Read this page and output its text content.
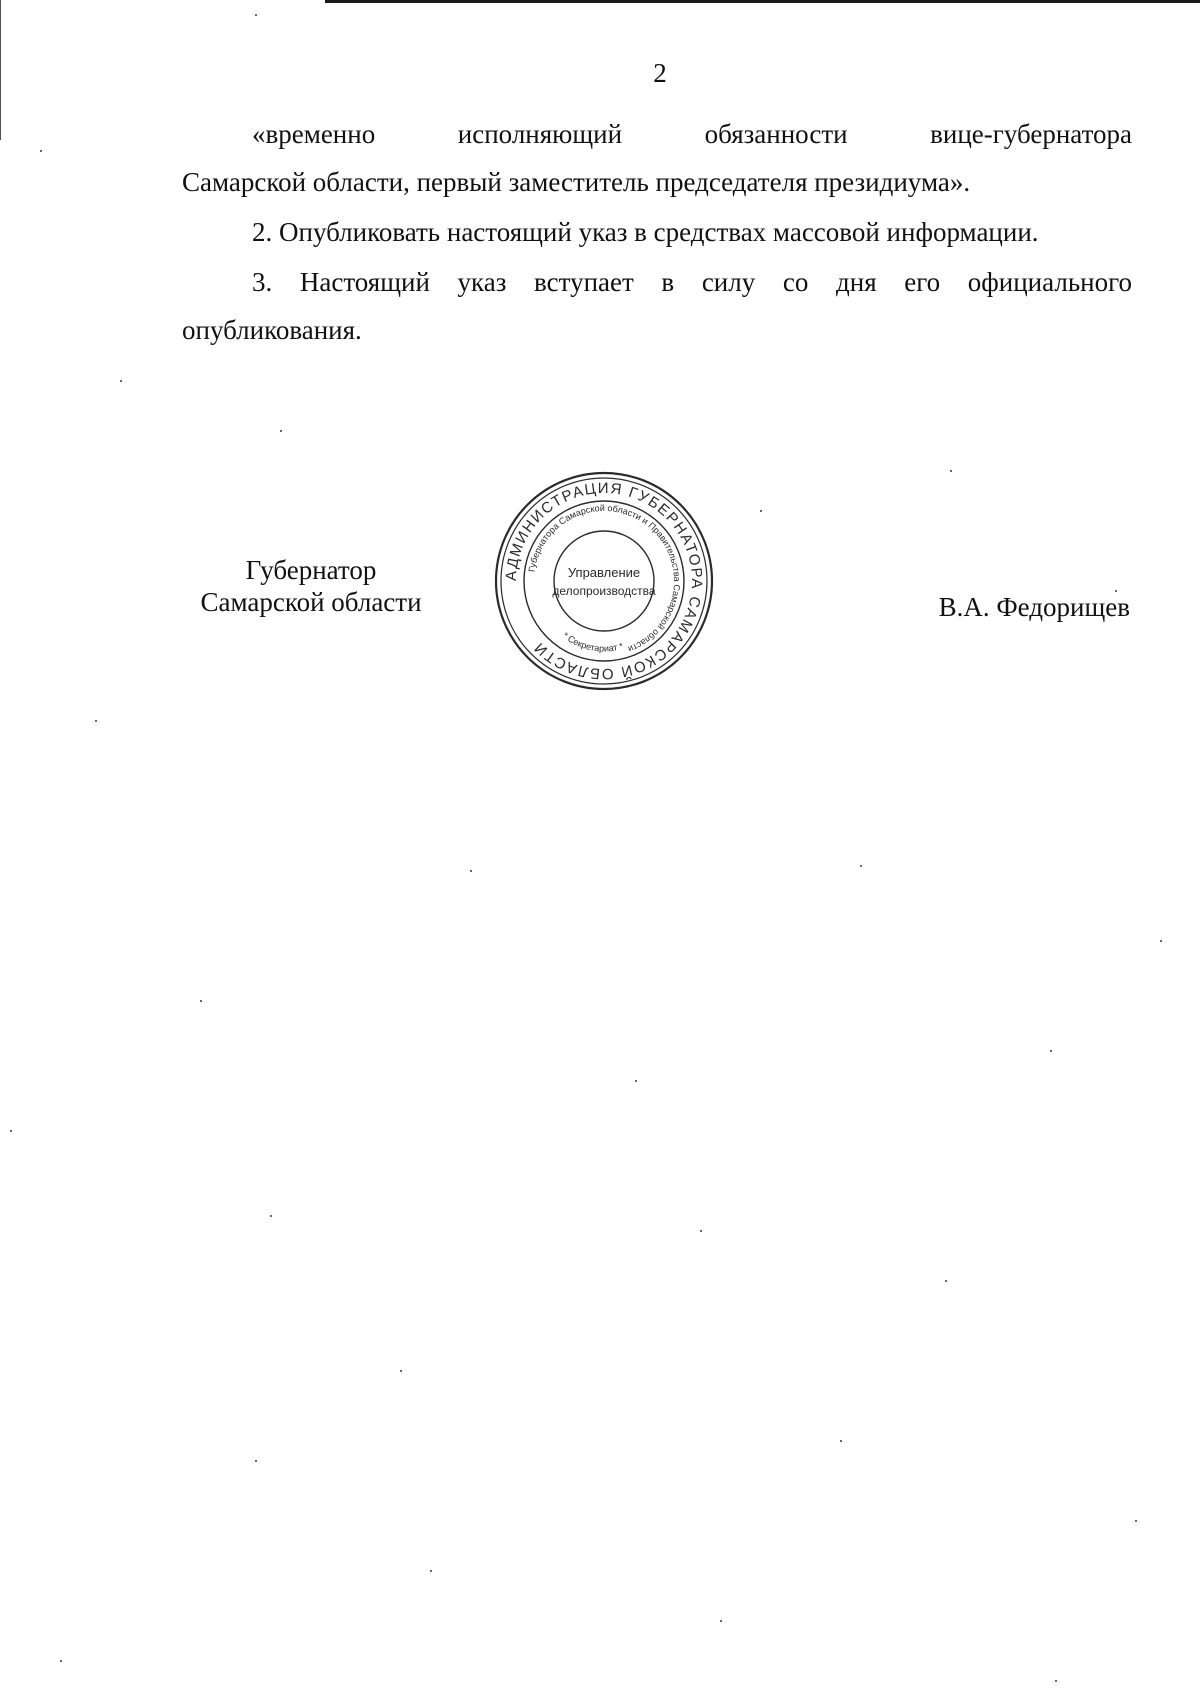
2
«временно	исполняющий	обязанности	вице-губернатора
Самарской области, первый заместитель председателя президиума».
2. Опубликовать настоящий указ в средствах массовой информации.
3. Настоящий указ вступает в силу со дня его официального
опубликования.
Губернатор
Самарской области	В.А. Федорищев
АДМИНИСТРАЦИЯ ГУБЕРНАТОРА САМАРСКОЙ ОБЛАСТИ
Губернатора Самарской области и Правительства Самарской области
* Секретариат *
Управление
делопроизводства
